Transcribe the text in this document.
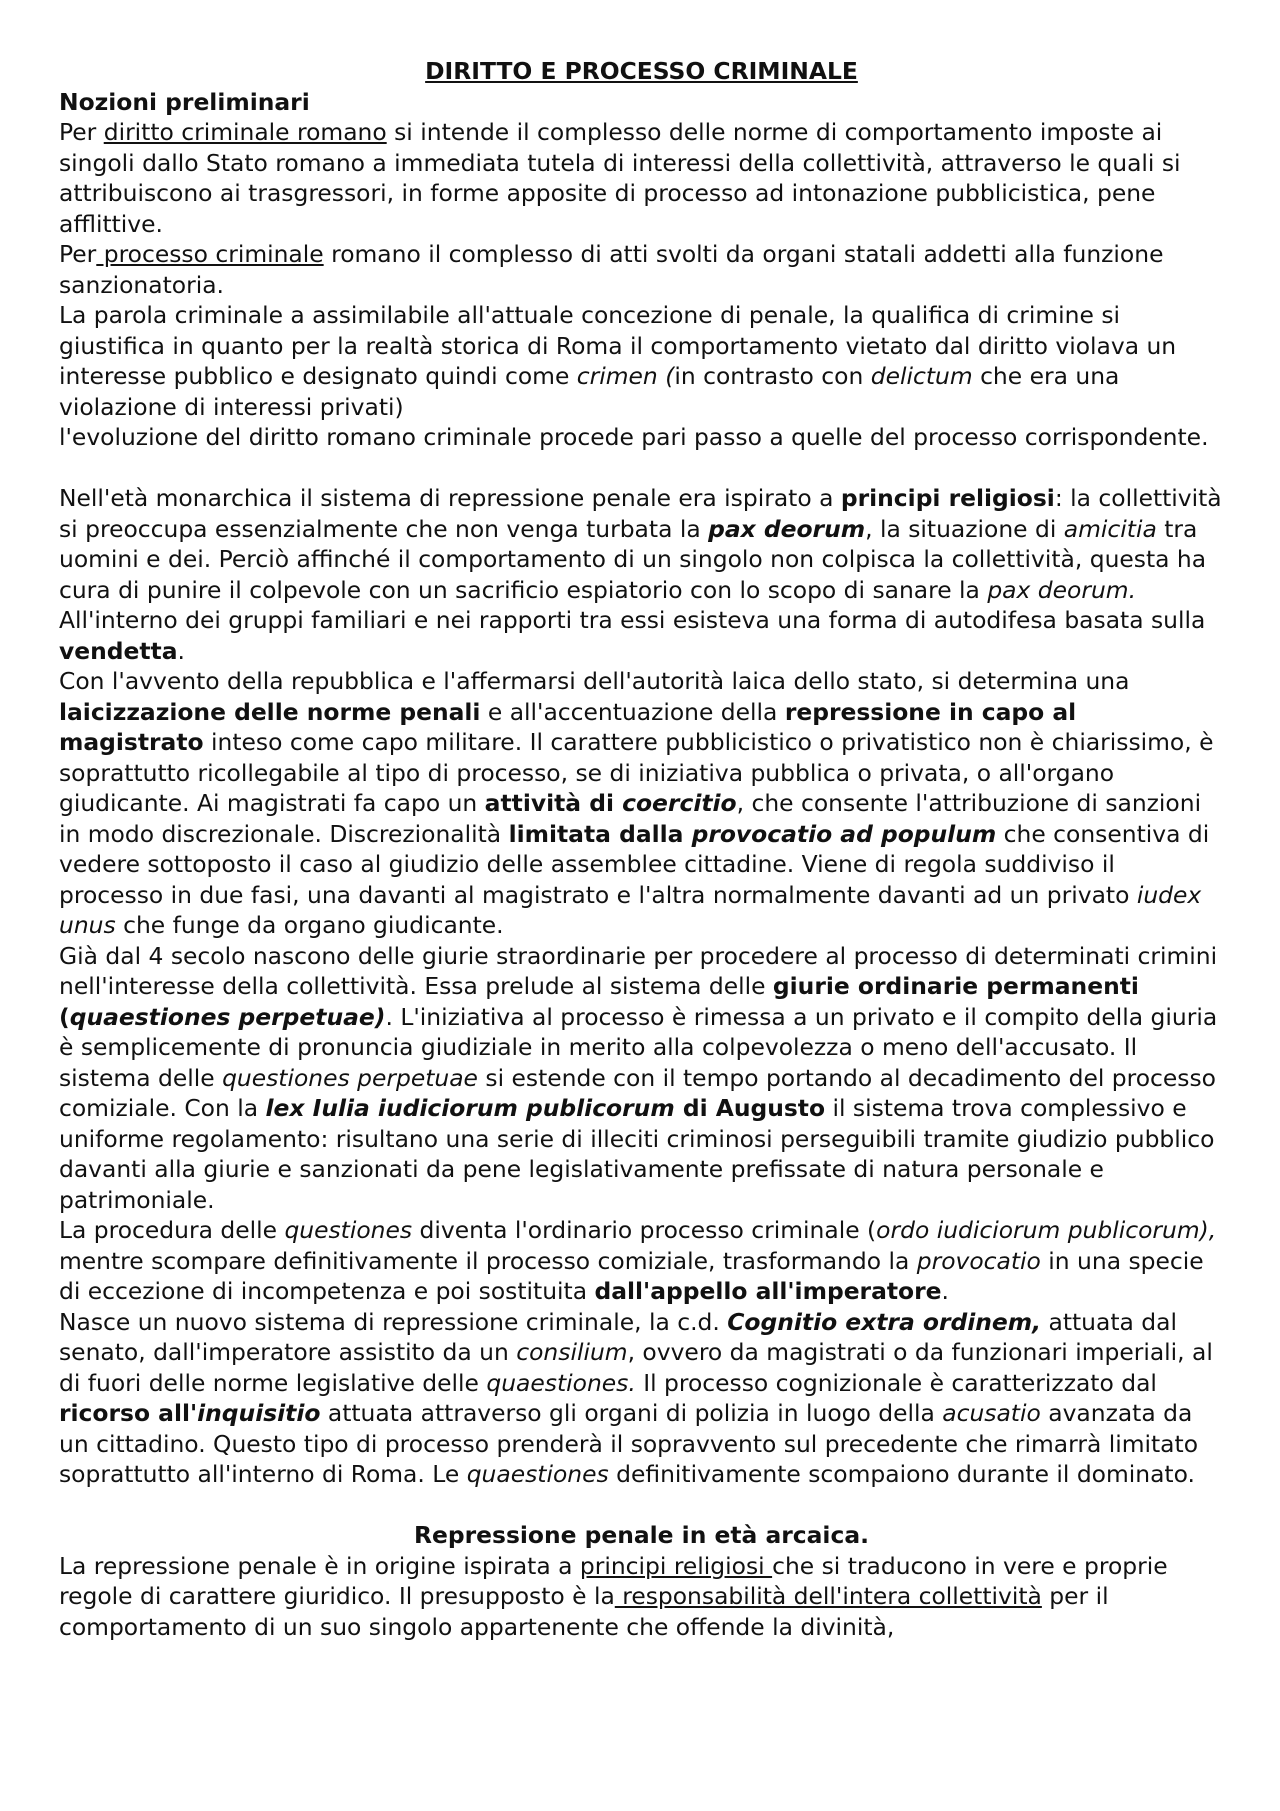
DIRITTO E PROCESSO CRIMINALE

Nozioni preliminari

Per diritto criminale romano si intende il complesso delle norme di comportamento imposte ai singoli dallo Stato romano a immediata tutela di interessi della collettività, attraverso le quali si attribuiscono ai trasgressori, in forme apposite di processo ad intonazione pubblicistica, pene afflittive.

Per processo criminale romano il complesso di atti svolti da organi statali addetti alla funzione sanzionatoria.

La parola criminale a assimilabile all'attuale concezione di penale, la qualifica di crimine si giustifica in quanto per la realtà storica di Roma il comportamento vietato dal diritto violava un interesse pubblico e designato quindi come crimen (in contrasto con delictum che era una violazione di interessi privati)

l'evoluzione del diritto romano criminale procede pari passo a quelle del processo corrispondente.

Nell'età monarchica il sistema di repressione penale era ispirato a principi religiosi: la collettività si preoccupa essenzialmente che non venga turbata la pax deorum, la situazione di amicitia tra uomini e dei. Perciò affinché il comportamento di un singolo non colpisca la collettività, questa ha cura di punire il colpevole con un sacrificio espiatorio con lo scopo di sanare la pax deorum. All'interno dei gruppi familiari e nei rapporti tra essi esisteva una forma di autodifesa basata sulla vendetta.

Con l'avvento della repubblica e l'affermarsi dell'autorità laica dello stato, si determina una laicizzazione delle norme penali e all'accentuazione della repressione in capo al magistrato inteso come capo militare. Il carattere pubblicistico o privatistico non è chiarissimo, è soprattutto ricollegabile al tipo di processo, se di iniziativa pubblica o privata, o all'organo giudicante. Ai magistrati fa capo un attività di coercitio, che consente l'attribuzione di sanzioni in modo discrezionale. Discrezionalità limitata dalla provocatio ad populum che consentiva di vedere sottoposto il caso al giudizio delle assemblee cittadine. Viene di regola suddiviso il processo in due fasi, una davanti al magistrato e l'altra normalmente davanti ad un privato iudex unus che funge da organo giudicante.

Già dal 4 secolo nascono delle giurie straordinarie per procedere al processo di determinati crimini nell'interesse della collettività. Essa prelude al sistema delle giurie ordinarie permanenti (quaestiones perpetuae). L'iniziativa al processo è rimessa a un privato e il compito della giuria è semplicemente di pronuncia giudiziale in merito alla colpevolezza o meno dell'accusato. Il sistema delle questiones perpetuae si estende con il tempo portando al decadimento del processo comiziale. Con la lex Iulia iudiciorum publicorum di Augusto il sistema trova complessivo e uniforme regolamento: risultano una serie di illeciti criminosi perseguibili tramite giudizio pubblico davanti alla giurie e sanzionati da pene legislativamente prefissate di natura personale e patrimoniale.

La procedura delle questiones diventa l'ordinario processo criminale (ordo iudiciorum publicorum), mentre scompare definitivamente il processo comiziale, trasformando la provocatio in una specie di eccezione di incompetenza e poi sostituita dall'appello all'imperatore.

Nasce un nuovo sistema di repressione criminale, la c.d. Cognitio extra ordinem, attuata dal senato, dall'imperatore assistito da un consilium, ovvero da magistrati o da funzionari imperiali, al di fuori delle norme legislative delle quaestiones. Il processo cognizionale è caratterizzato dal ricorso all'inquisitio attuata attraverso gli organi di polizia in luogo della acusatio avanzata da un cittadino. Questo tipo di processo prenderà il sopravvento sul precedente che rimarrà limitato soprattutto all'interno di Roma. Le quaestiones definitivamente scompaiono durante il dominato.

Repressione penale in età arcaica.

La repressione penale è in origine ispirata a principi religiosi che si traducono in vere e proprie regole di carattere giuridico. Il presupposto è la responsabilità dell'intera collettività per il comportamento di un suo singolo appartenente che offende la divinità,
